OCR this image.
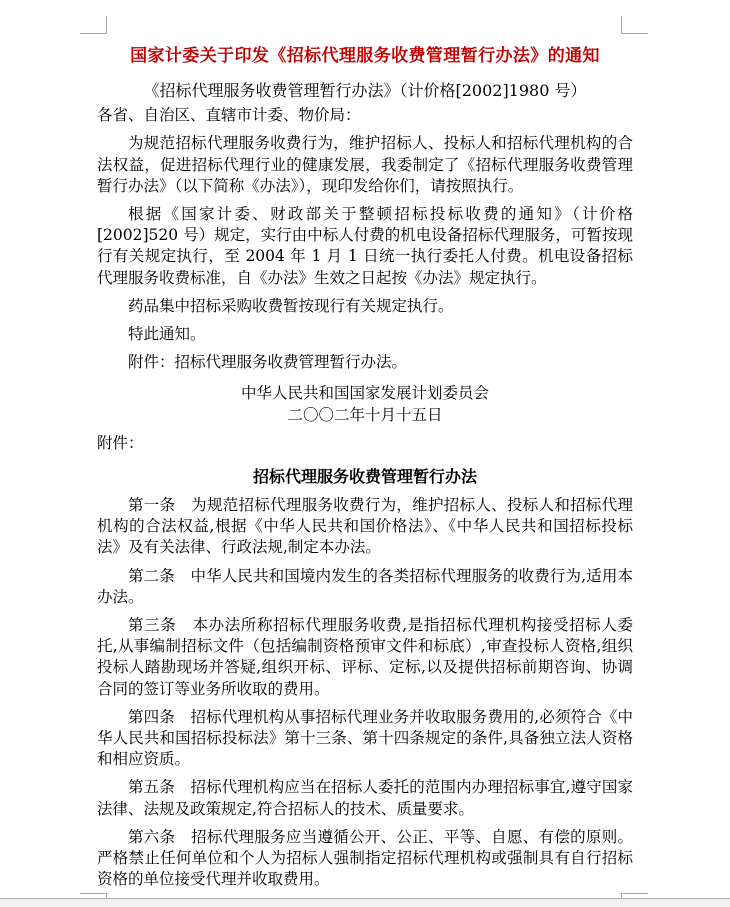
国家计委关于印发《招标代理服务收费管理暂行办法》的通知

《招标代理服务收费管理暂行办法》（计价格[2002]1980 号）

各省、自治区、直辖市计委、物价局：

为规范招标代理服务收费行为，维护招标人、投标人和招标代理机构的合法权益，促进招标代理行业的健康发展，我委制定了《招标代理服务收费管理暂行办法》（以下简称《办法》），现印发给你们，请按照执行。

根据《国家计委、财政部关于整顿招标投标收费的通知》（计价格[2002]520 号）规定，实行由中标人付费的机电设备招标代理服务，可暂按现行有关规定执行，至 2004 年 1 月 1 日统一执行委托人付费。机电设备招标代理服务收费标准，自《办法》生效之日起按《办法》规定执行。

药品集中招标采购收费暂按现行有关规定执行。

特此通知。

附件：招标代理服务收费管理暂行办法。

中华人民共和国国家发展计划委员会

二〇〇二年十月十五日

附件：

招标代理服务收费管理暂行办法

第一条　为规范招标代理服务收费行为，维护招标人、投标人和招标代理机构的合法权益,根据《中华人民共和国价格法》、《中华人民共和国招标投标法》及有关法律、行政法规,制定本办法。

第二条　中华人民共和国境内发生的各类招标代理服务的收费行为,适用本办法。

第三条　本办法所称招标代理服务收费,是指招标代理机构接受招标人委托,从事编制招标文件（包括编制资格预审文件和标底）,审查投标人资格,组织投标人踏勘现场并答疑,组织开标、评标、定标,以及提供招标前期咨询、协调合同的签订等业务所收取的费用。

第四条　招标代理机构从事招标代理业务并收取服务费用的,必须符合《中华人民共和国招标投标法》第十三条、第十四条规定的条件,具备独立法人资格和相应资质。

第五条　招标代理机构应当在招标人委托的范围内办理招标事宜,遵守国家法律、法规及政策规定,符合招标人的技术、质量要求。

第六条　招标代理服务应当遵循公开、公正、平等、自愿、有偿的原则。严格禁止任何单位和个人为招标人强制指定招标代理机构或强制具有自行招标资格的单位接受代理并收取费用。
